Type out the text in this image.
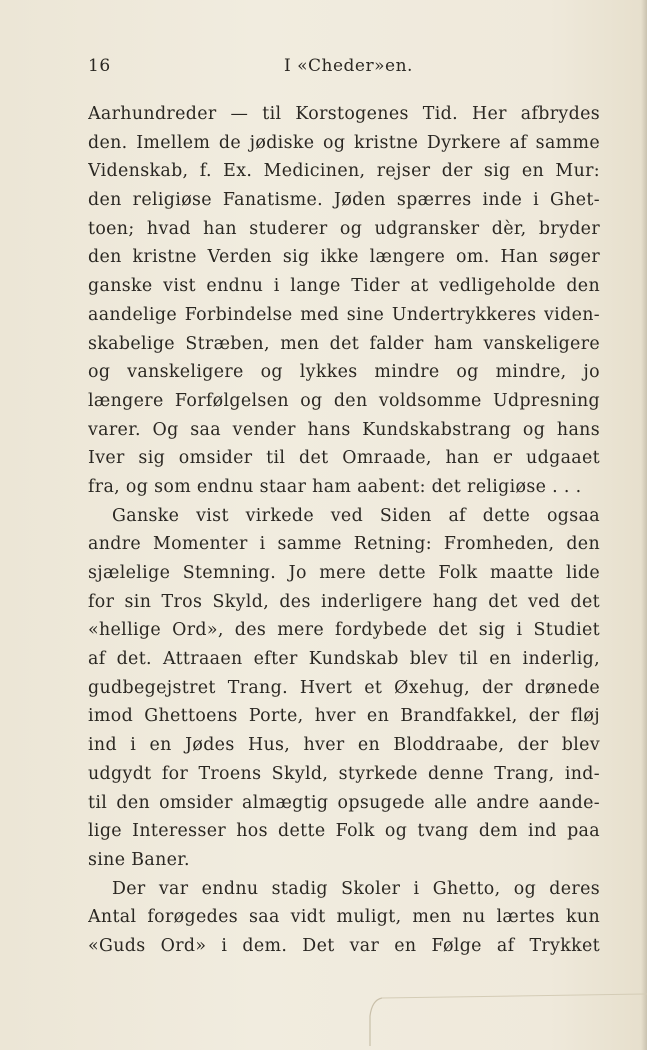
16	I «Cheder»en.
Aarhundreder — til Korstogenes Tid. Her afbrydes
den. Imellem de jødiske og kristne Dyrkere af samme
Videnskab, f. Ex. Medicinen, rejser der sig en Mur:
den religiøse Fanatisme. Jøden spærres inde i Ghet-
toen; hvad han studerer og udgransker dèr, bryder
den kristne Verden sig ikke længere om. Han søger
ganske vist endnu i lange Tider at vedligeholde den
aandelige Forbindelse med sine Undertrykkeres viden-
skabelige Stræben, men det falder ham vanskeligere
og vanskeligere og lykkes mindre og mindre, jo
længere Forfølgelsen og den voldsomme Udpresning
varer. Og saa vender hans Kundskabstrang og hans
Iver sig omsider til det Omraade, han er udgaaet
fra, og som endnu staar ham aabent: det religiøse . . .
Ganske vist virkede ved Siden af dette ogsaa
andre Momenter i samme Retning: Fromheden, den
sjælelige Stemning. Jo mere dette Folk maatte lide
for sin Tros Skyld, des inderligere hang det ved det
«hellige Ord», des mere fordybede det sig i Studiet
af det. Attraaen efter Kundskab blev til en inderlig,
gudbegejstret Trang. Hvert et Øxehug, der drønede
imod Ghettoens Porte, hver en Brandfakkel, der fløj
ind i en Jødes Hus, hver en Bloddraabe, der blev
udgydt for Troens Skyld, styrkede denne Trang, ind-
til den omsider almægtig opsugede alle andre aande-
lige Interesser hos dette Folk og tvang dem ind paa
sine Baner.
Der var endnu stadig Skoler i Ghetto, og deres
Antal forøgedes saa vidt muligt, men nu lærtes kun
«Guds Ord» i dem. Det var en Følge af Trykket
